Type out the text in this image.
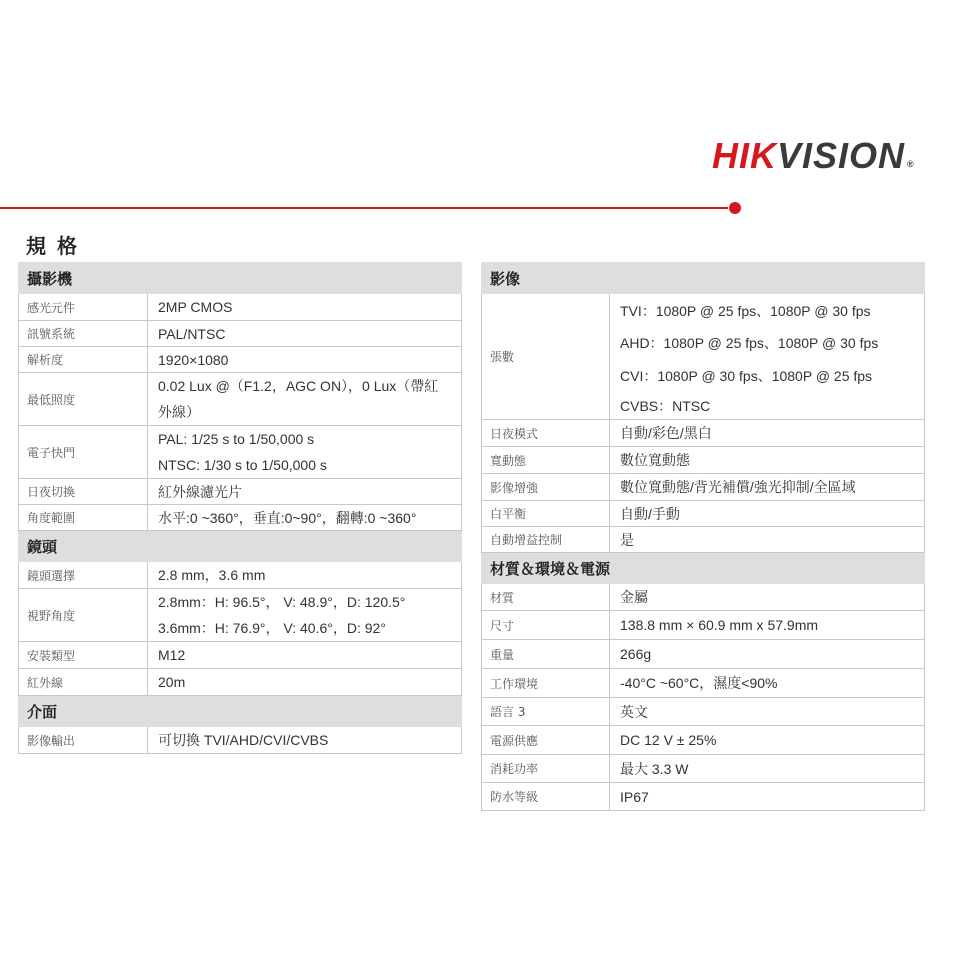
HIKVISION ®
規 格
攝影機	
感光元件	2MP CMOS
訊號系統	PAL/NTSC
解析度	1920×1080
最低照度	0.02 Lux @（F1.2，AGC ON），0 Lux（帶紅
外線）

電子快門	PAL: 1/25 s to 1/50,000 s
NTSC: 1/30 s to 1/50,000 s

日夜切換	紅外線濾光片
角度範圍	水平:0 ~360°，垂直:0~90°，翻轉:0 ~360°
鏡頭	
鏡頭選擇	2.8 mm，3.6 mm
視野角度	2.8mm：H: 96.5°， V: 48.9°，D: 120.5°
3.6mm：H: 76.9°， V: 40.6°，D: 92°

安裝類型	M12
紅外線	20m
介面	
影像輸出	可切換 TVI/AHD/CVI/CVBS
影像	
張數	TVI：1080P @ 25 fps、1080P @ 30 fps
AHD：1080P @ 25 fps、1080P @ 30 fps
CVI：1080P @ 30 fps、1080P @ 25 fps
CVBS：NTSC

日夜模式	自動/彩色/黑白
寬動態	數位寬動態
影像增強	數位寬動態/背光補償/強光抑制/全區域
白平衡	自動/手動
自動增益控制	是
材質＆環境＆電源	
材質	金屬
尺寸	138.8 mm × 60.9 mm x 57.9mm
重量	266g
工作環境	-40°C ~60°C，濕度<90%
語言 3	英文
電源供應	DC 12 V ± 25%
消耗功率	最大 3.3 W
防水等級	IP67
